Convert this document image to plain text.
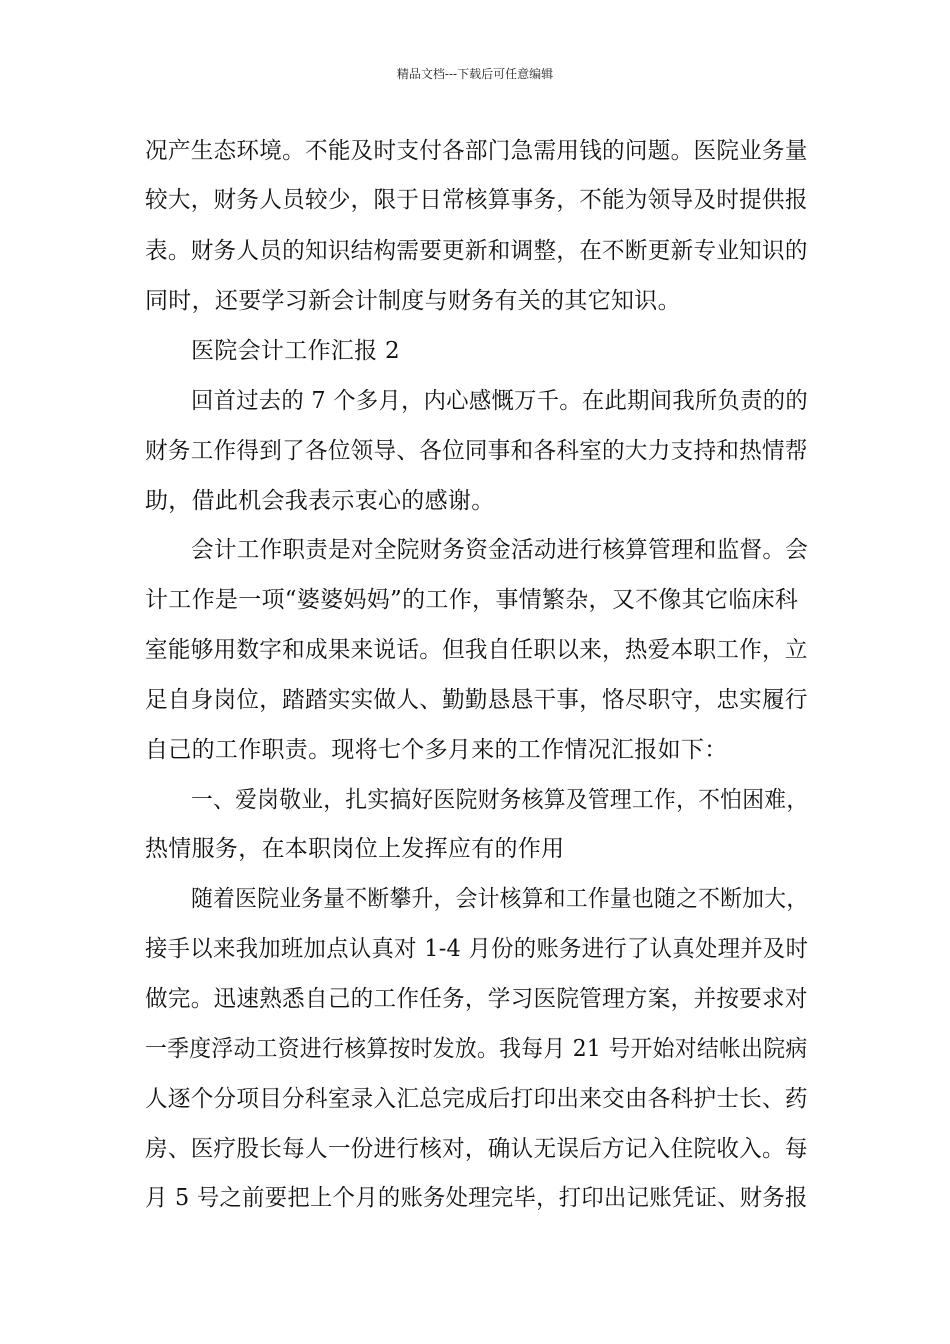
精品文档---下载后可任意编辑
况产生态环境。不能及时支付各部门急需用钱的问题。医院业务量
较大，财务人员较少，限于日常核算事务，不能为领导及时提供报
表。财务人员的知识结构需要更新和调整，在不断更新专业知识的
同时，还要学习新会计制度与财务有关的其它知识。
医院会计工作汇报 2
回首过去的 7 个多月，内心感慨万千。在此期间我所负责的的
财务工作得到了各位领导、各位同事和各科室的大力支持和热情帮
助，借此机会我表示衷心的感谢。
会计工作职责是对全院财务资金活动进行核算管理和监督。会
计工作是一项“婆婆妈妈”的工作，事情繁杂，又不像其它临床科
室能够用数字和成果来说话。但我自任职以来，热爱本职工作，立
足自身岗位，踏踏实实做人、勤勤恳恳干事，恪尽职守，忠实履行
自己的工作职责。现将七个多月来的工作情况汇报如下：
一、爱岗敬业，扎实搞好医院财务核算及管理工作，不怕困难，
热情服务，在本职岗位上发挥应有的作用
随着医院业务量不断攀升，会计核算和工作量也随之不断加大，
接手以来我加班加点认真对 1-4 月份的账务进行了认真处理并及时
做完。迅速熟悉自己的工作任务，学习医院管理方案，并按要求对
一季度浮动工资进行核算按时发放。我每月 21 号开始对结帐出院病
人逐个分项目分科室录入汇总完成后打印出来交由各科护士长、药
房、医疗股长每人一份进行核对，确认无误后方记入住院收入。每
月 5 号之前要把上个月的账务处理完毕，打印出记账凭证、财务报
